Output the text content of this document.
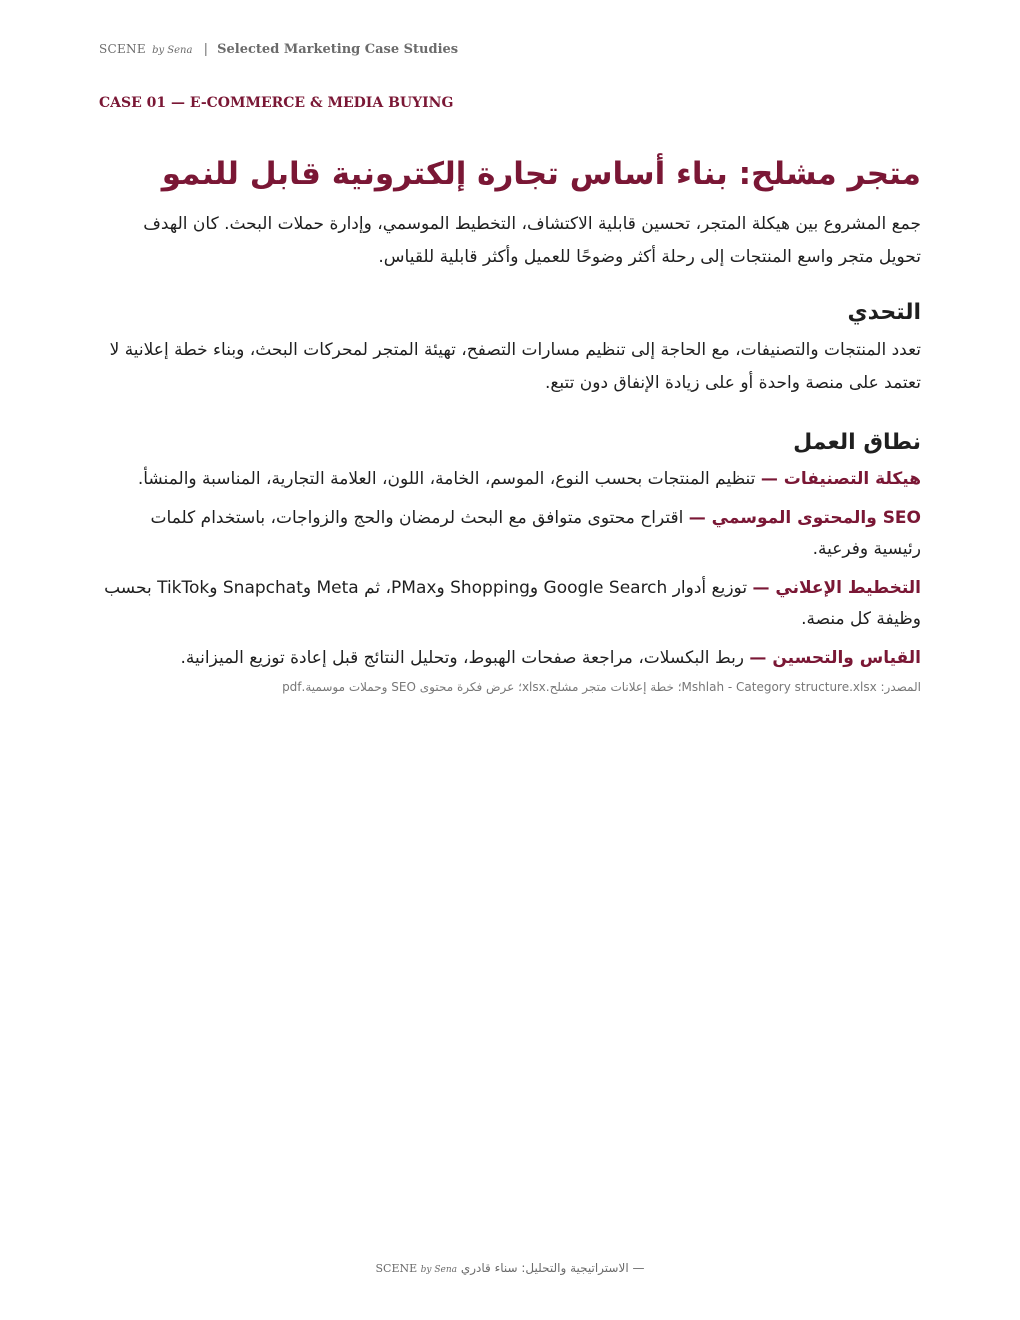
SCENE by Sena | Selected Marketing Case Studies
CASE 01 — E-COMMERCE & MEDIA BUYING
متجر مشلح: بناء أساس تجارة إلكترونية قابل للنمو

جمع المشروع بين هيكلة المتجر، تحسين قابلية الاكتشاف، التخطيط الموسمي، وإدارة حملات البحث. كان الهدف تحويل متجر واسع المنتجات إلى رحلة أكثر وضوحًا للعميل وأكثر قابلية للقياس.

التحدي

تعدد المنتجات والتصنيفات، مع الحاجة إلى تنظيم مسارات التصفح، تهيئة المتجر لمحركات البحث، وبناء خطة إعلانية لا تعتمد على منصة واحدة أو على زيادة الإنفاق دون تتبع.

نطاق العمل
هيكلة التصنيفات — تنظيم المنتجات بحسب النوع، الموسم، الخامة، اللون، العلامة التجارية، المناسبة والمنشأ.
SEO والمحتوى الموسمي — اقتراح محتوى متوافق مع البحث لرمضان والحج والزواجات، باستخدام كلمات رئيسية وفرعية.
التخطيط الإعلاني — توزيع أدوار Google Search وShopping وPMax، ثم Meta وSnapchat وTikTok بحسب وظيفة كل منصة.
القياس والتحسين — ربط البكسلات، مراجعة صفحات الهبوط، وتحليل النتائج قبل إعادة توزيع الميزانية.
المصدر: Mshlah - Category structure.xlsx؛ خطة إعلانات متجر مشلح.xlsx؛ عرض فكرة محتوى SEO وحملات موسمية.pdf
— الاستراتيجية والتحليل: سناء قادري SCENE by Sena
